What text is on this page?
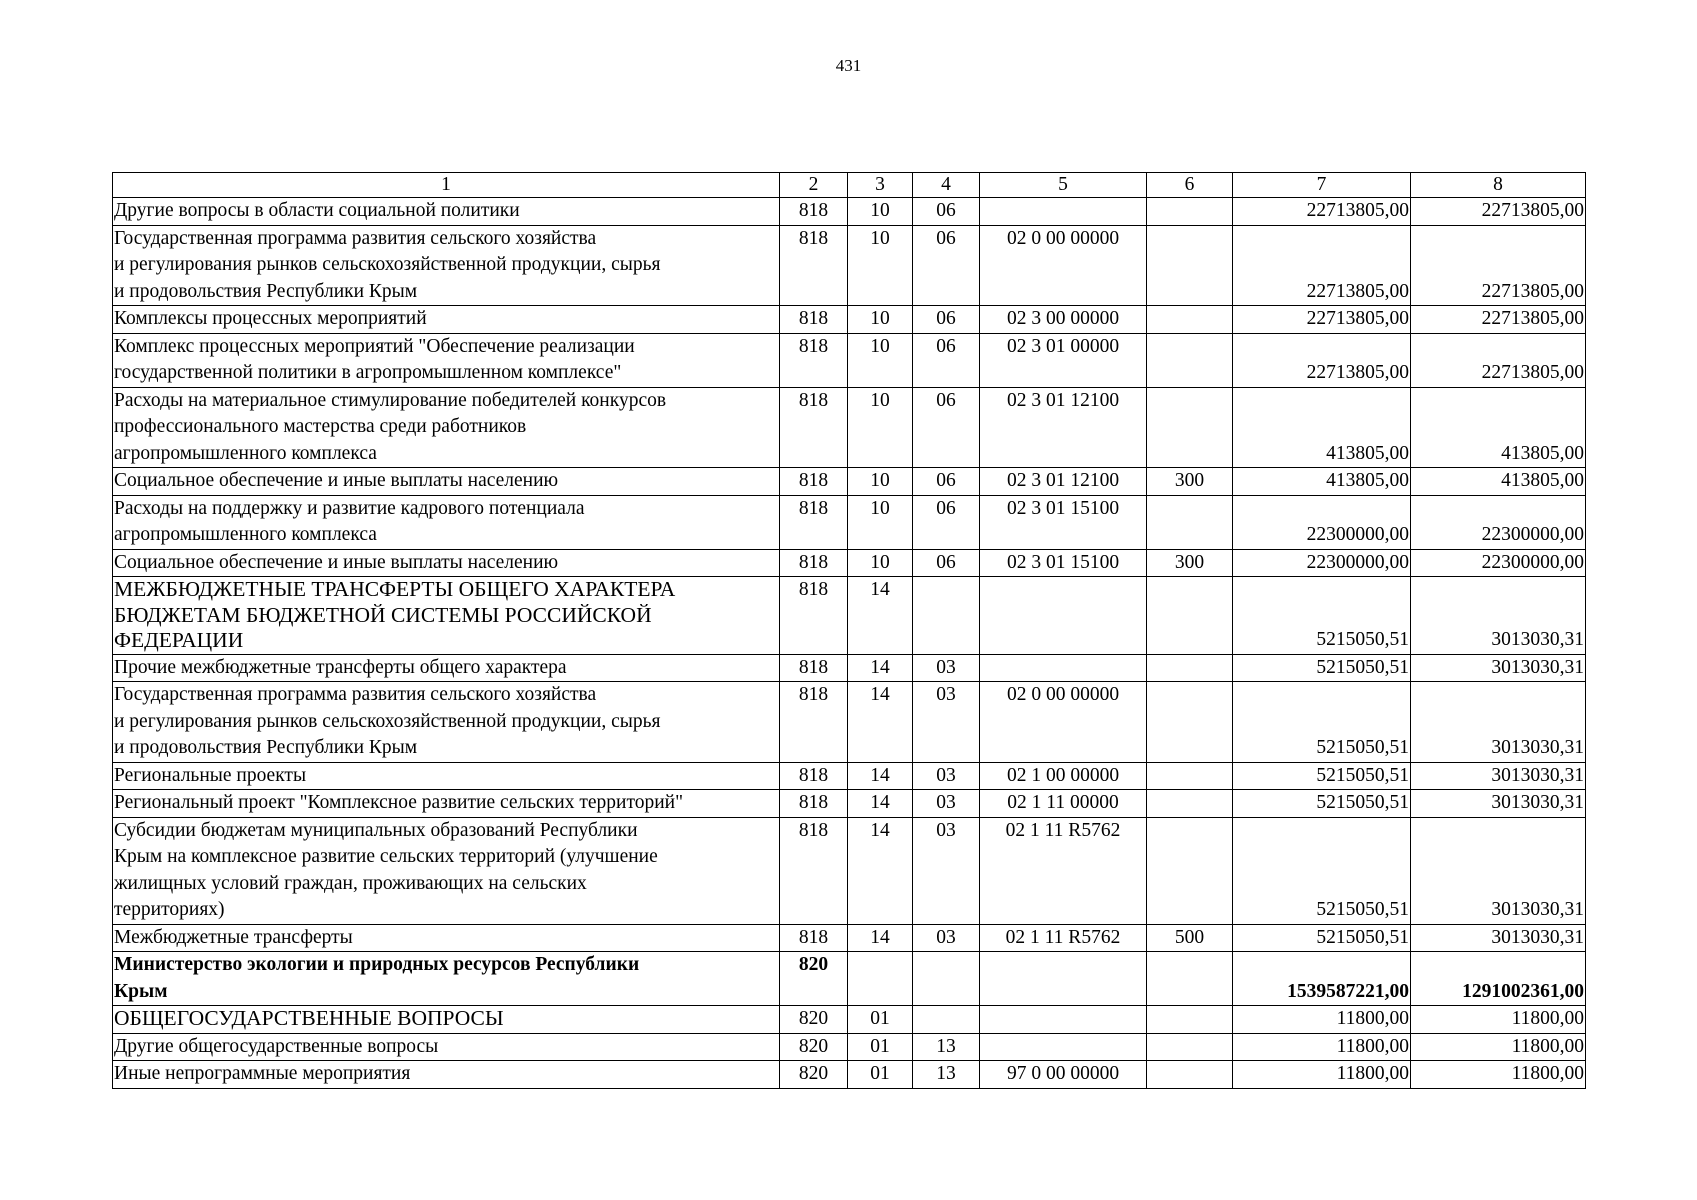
431
1	2	3	4	5	6	7	8

Другие вопросы в области социальной политики	818	10	06			22713805,00	22713805,00

Государственная программа развития сельского хозяйства
и регулирования рынков сельскохозяйственной продукции, сырья
и продовольствия Республики Крым	818	10	06	02 0 00 00000		22713805,00	22713805,00

Комплексы процессных мероприятий	818	10	06	02 3 00 00000		22713805,00	22713805,00

Комплекс процессных мероприятий "Обеспечение реализации
государственной политики в агропромышленном комплексе"	818	10	06	02 3 01 00000		22713805,00	22713805,00

Расходы на материальное стимулирование победителей конкурсов
профессионального мастерства среди работников
агропромышленного комплекса	818	10	06	02 3 01 12100		413805,00	413805,00

Социальное обеспечение и иные выплаты населению	818	10	06	02 3 01 12100	300	413805,00	413805,00

Расходы на поддержку и развитие кадрового потенциала
агропромышленного комплекса	818	10	06	02 3 01 15100		22300000,00	22300000,00

Социальное обеспечение и иные выплаты населению	818	10	06	02 3 01 15100	300	22300000,00	22300000,00

МЕЖБЮДЖЕТНЫЕ ТРАНСФЕРТЫ ОБЩЕГО ХАРАКТЕРА
БЮДЖЕТАМ БЮДЖЕТНОЙ СИСТЕМЫ РОССИЙСКОЙ
ФЕДЕРАЦИИ	818	14				5215050,51	3013030,31

Прочие межбюджетные трансферты общего характера	818	14	03			5215050,51	3013030,31

Государственная программа развития сельского хозяйства
и регулирования рынков сельскохозяйственной продукции, сырья
и продовольствия Республики Крым	818	14	03	02 0 00 00000		5215050,51	3013030,31

Региональные проекты	818	14	03	02 1 00 00000		5215050,51	3013030,31

Региональный проект "Комплексное развитие сельских территорий"	818	14	03	02 1 11 00000		5215050,51	3013030,31

Субсидии бюджетам муниципальных образований Республики
Крым на комплексное развитие сельских территорий (улучшение
жилищных условий граждан, проживающих на сельских
территориях)	818	14	03	02 1 11 R5762		5215050,51	3013030,31

Межбюджетные трансферты	818	14	03	02 1 11 R5762	500	5215050,51	3013030,31

Министерство экологии и природных ресурсов Республики
Крым	820					1539587221,00	1291002361,00

ОБЩЕГОСУДАРСТВЕННЫЕ ВОПРОСЫ	820	01				11800,00	11800,00

Другие общегосударственные вопросы	820	01	13			11800,00	11800,00

Иные непрограммные мероприятия	820	01	13	97 0 00 00000		11800,00	11800,00
